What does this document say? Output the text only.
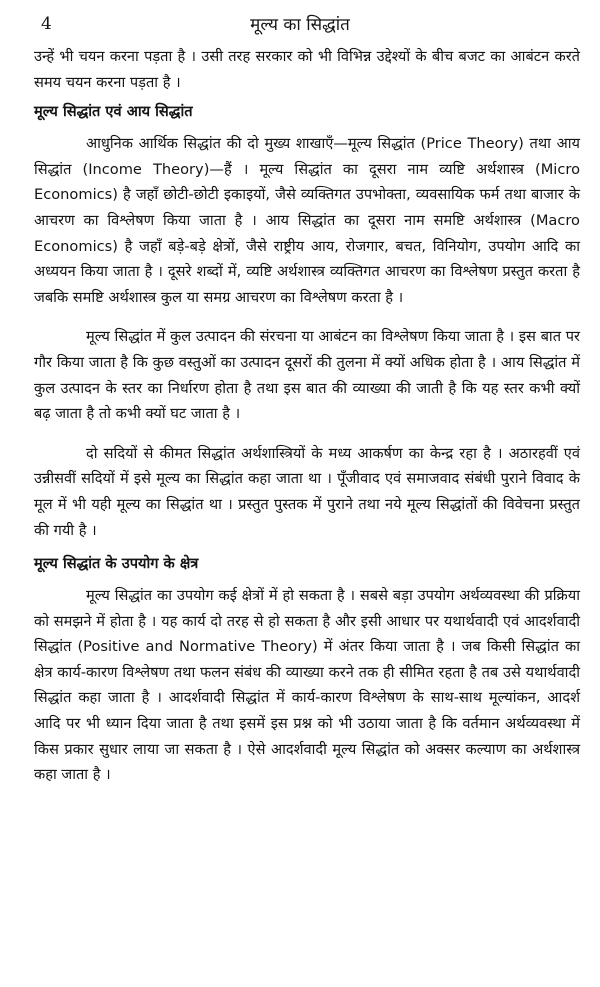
4	मूल्य का सिद्धांत

उन्हें भी चयन करना पड़ता है । उसी तरह सरकार को भी विभिन्न उद्देश्यों के बीच बजट का आबंटन करते समय चयन करना पड़ता है ।

मूल्य सिद्धांत एवं आय सिद्धांत

आधुनिक आर्थिक सिद्धांत की दो मुख्य शाखाएँ—मूल्य सिद्धांत (Price Theory) तथा आय सिद्धांत (Income Theory)—हैं । मूल्य सिद्धांत का दूसरा नाम व्यष्टि अर्थशास्त्र (Micro Economics) है जहाँ छोटी-छोटी इकाइयों, जैसे व्यक्तिगत उपभोक्ता, व्यवसायिक फर्म तथा बाजार के आचरण का विश्लेषण किया जाता है । आय सिद्धांत का दूसरा नाम समष्टि अर्थशास्त्र (Macro Economics) है जहाँ बड़े-बड़े क्षेत्रों, जैसे राष्ट्रीय आय, रोजगार, बचत, विनियोग, उपयोग आदि का अध्ययन किया जाता है । दूसरे शब्दों में, व्यष्टि अर्थशास्त्र व्यक्तिगत आचरण का विश्लेषण प्रस्तुत करता है जबकि समष्टि अर्थशास्त्र कुल या समग्र आचरण का विश्लेषण करता है ।

मूल्य सिद्धांत में कुल उत्पादन की संरचना या आबंटन का विश्लेषण किया जाता है । इस बात पर गौर किया जाता है कि कुछ वस्तुओं का उत्पादन दूसरों की तुलना में क्यों अधिक होता है । आय सिद्धांत में कुल उत्पादन के स्तर का निर्धारण होता है तथा इस बात की व्याख्या की जाती है कि यह स्तर कभी क्यों बढ़ जाता है तो कभी क्यों घट जाता है ।

दो सदियों से कीमत सिद्धांत अर्थशास्त्रियों के मध्य आकर्षण का केन्द्र रहा है । अठारहवीं एवं उन्नीसवीं सदियों में इसे मूल्य का सिद्धांत कहा जाता था । पूँजीवाद एवं समाजवाद संबंधी पुराने विवाद के मूल में भी यही मूल्य का सिद्धांत था । प्रस्तुत पुस्तक में पुराने तथा नये मूल्य सिद्धांतों की विवेचना प्रस्तुत की गयी है ।

मूल्य सिद्धांत के उपयोग के क्षेत्र

मूल्य सिद्धांत का उपयोग कई क्षेत्रों में हो सकता है । सबसे बड़ा उपयोग अर्थव्यवस्था की प्रक्रिया को समझने में होता है । यह कार्य दो तरह से हो सकता है और इसी आधार पर यथार्थवादी एवं आदर्शवादी सिद्धांत (Positive and Normative Theory) में अंतर किया जाता है । जब किसी सिद्धांत का क्षेत्र कार्य-कारण विश्लेषण तथा फलन संबंध की व्याख्या करने तक ही सीमित रहता है तब उसे यथार्थवादी सिद्धांत कहा जाता है । आदर्शवादी सिद्धांत में कार्य-कारण विश्लेषण के साथ-साथ मूल्यांकन, आदर्श आदि पर भी ध्यान दिया जाता है तथा इसमें इस प्रश्न को भी उठाया जाता है कि वर्तमान अर्थव्यवस्था में किस प्रकार सुधार लाया जा सकता है । ऐसे आदर्शवादी मूल्य सिद्धांत को अक्सर कल्याण का अर्थशास्त्र कहा जाता है ।
